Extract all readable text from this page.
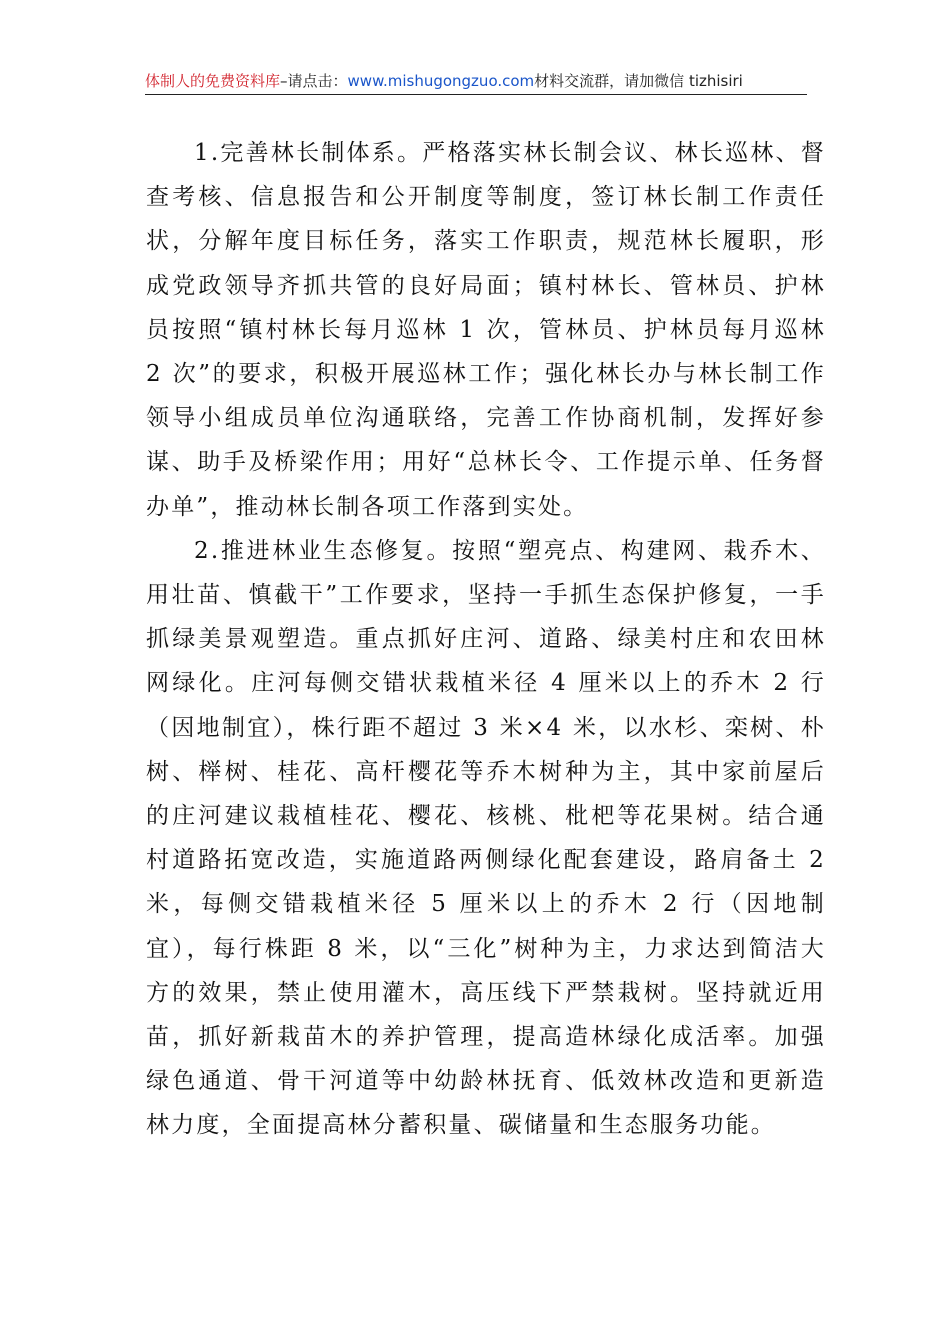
体制人的免费资料库–请点击：www.mishugongzuo.com材料交流群，请加微信 tizhisiri

1.完善林长制体系。严格落实林长制会议、林长巡林、督查考核、信息报告和公开制度等制度，签订林长制工作责任状，分解年度目标任务，落实工作职责，规范林长履职，形成党政领导齐抓共管的良好局面；镇村林长、管林员、护林员按照“镇村林长每月巡林 1 次，管林员、护林员每月巡林 2 次”的要求，积极开展巡林工作；强化林长办与林长制工作领导小组成员单位沟通联络，完善工作协商机制，发挥好参谋、助手及桥梁作用；用好“总林长令、工作提示单、任务督办单”，推动林长制各项工作落到实处。

2.推进林业生态修复。按照“塑亮点、构建网、栽乔木、用壮苗、慎截干”工作要求，坚持一手抓生态保护修复，一手抓绿美景观塑造。重点抓好庄河、道路、绿美村庄和农田林网绿化。庄河每侧交错状栽植米径 4 厘米以上的乔木 2 行（因地制宜），株行距不超过 3 米×4 米，以水杉、栾树、朴树、榉树、桂花、高杆樱花等乔木树种为主，其中家前屋后的庄河建议栽植桂花、樱花、核桃、枇杷等花果树。结合通村道路拓宽改造，实施道路两侧绿化配套建设，路肩备土 2 米，每侧交错栽植米径 5 厘米以上的乔木 2 行（因地制宜），每行株距 8 米，以“三化”树种为主，力求达到简洁大方的效果，禁止使用灌木，高压线下严禁栽树。坚持就近用苗，抓好新栽苗木的养护管理，提高造林绿化成活率。加强绿色通道、骨干河道等中幼龄林抚育、低效林改造和更新造林力度，全面提高林分蓄积量、碳储量和生态服务功能。
